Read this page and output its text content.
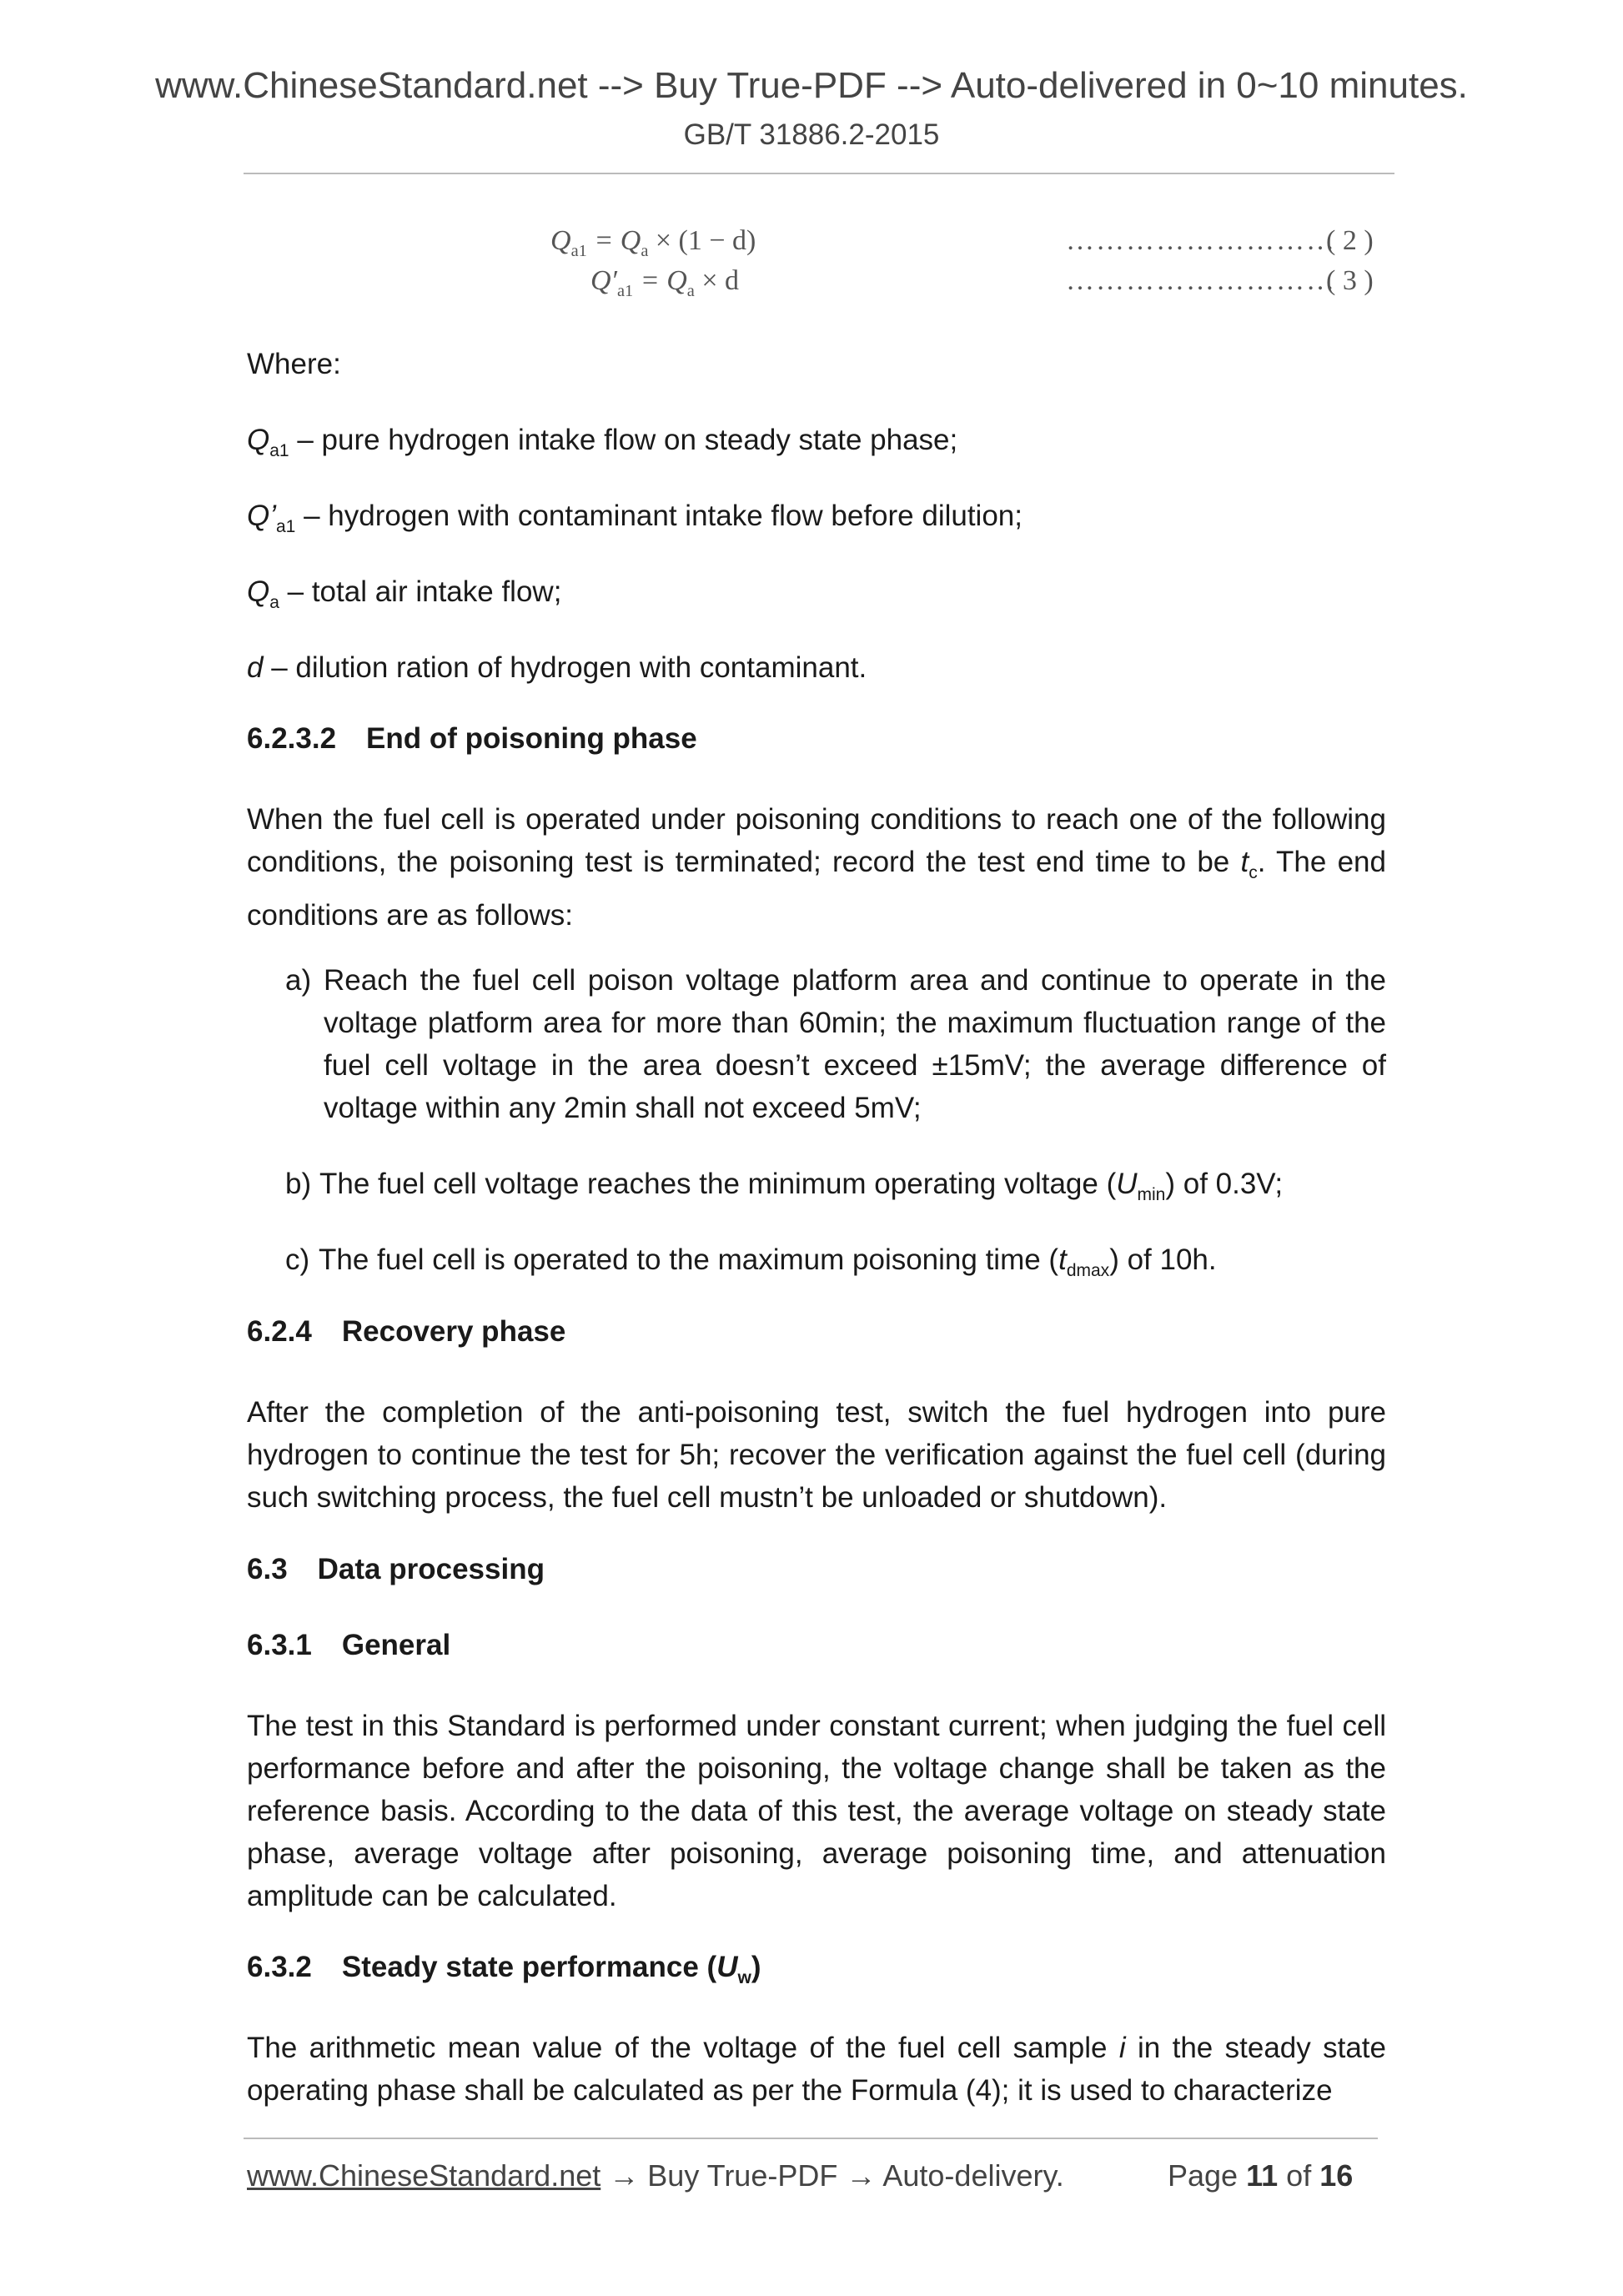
www.ChineseStandard.net --> Buy True-PDF --> Auto-delivered in 0~10 minutes.
GB/T 31886.2-2015
$Q_{a1} = Q_a \times (1 - d)$	………………………
( 2 )
$Q'_{a1} = Q_a \times d$	………………………
( 3 )

Where:

$Q_{a1}$ – pure hydrogen intake flow on steady state phase;

$Q’_{a1}$ – hydrogen with contaminant intake flow before dilution;

$Q_a$ – total air intake flow;

d – dilution ration of hydrogen with contaminant.

6.2.3.2 End of poisoning phase

When the fuel cell is operated under poisoning conditions to reach one of the following conditions, the poisoning test is terminated; record the test end time to be $t_c$. The end conditions are as follows:

a) Reach the fuel cell poison voltage platform area and continue to operate in the voltage platform area for more than 60min; the maximum fluctuation range of the fuel cell voltage in the area doesn’t exceed ±15mV; the average difference of voltage within any 2min shall not exceed 5mV;
b) The fuel cell voltage reaches the minimum operating voltage $(U_{min})$ of 0.3V;
c) The fuel cell is operated to the maximum poisoning time $(t_{dmax})$ of 10h.

6.2.4 Recovery phase

After the completion of the anti-poisoning test, switch the fuel hydrogen into pure hydrogen to continue the test for 5h; recover the verification against the fuel cell (during such switching process, the fuel cell mustn’t be unloaded or shutdown).

6.3 Data processing

6.3.1 General

The test in this Standard is performed under constant current; when judging the fuel cell performance before and after the poisoning, the voltage change shall be taken as the reference basis. According to the data of this test, the average voltage on steady state phase, average voltage after poisoning, average poisoning time, and attenuation amplitude can be calculated.

6.3.2 Steady state performance $(U_w)$

The arithmetic mean value of the voltage of the fuel cell sample i in the steady state operating phase shall be calculated as per the Formula (4); it is used to characterize

www.ChineseStandard.net → Buy True-PDF → Auto-delivery.	Page 11 of 16
